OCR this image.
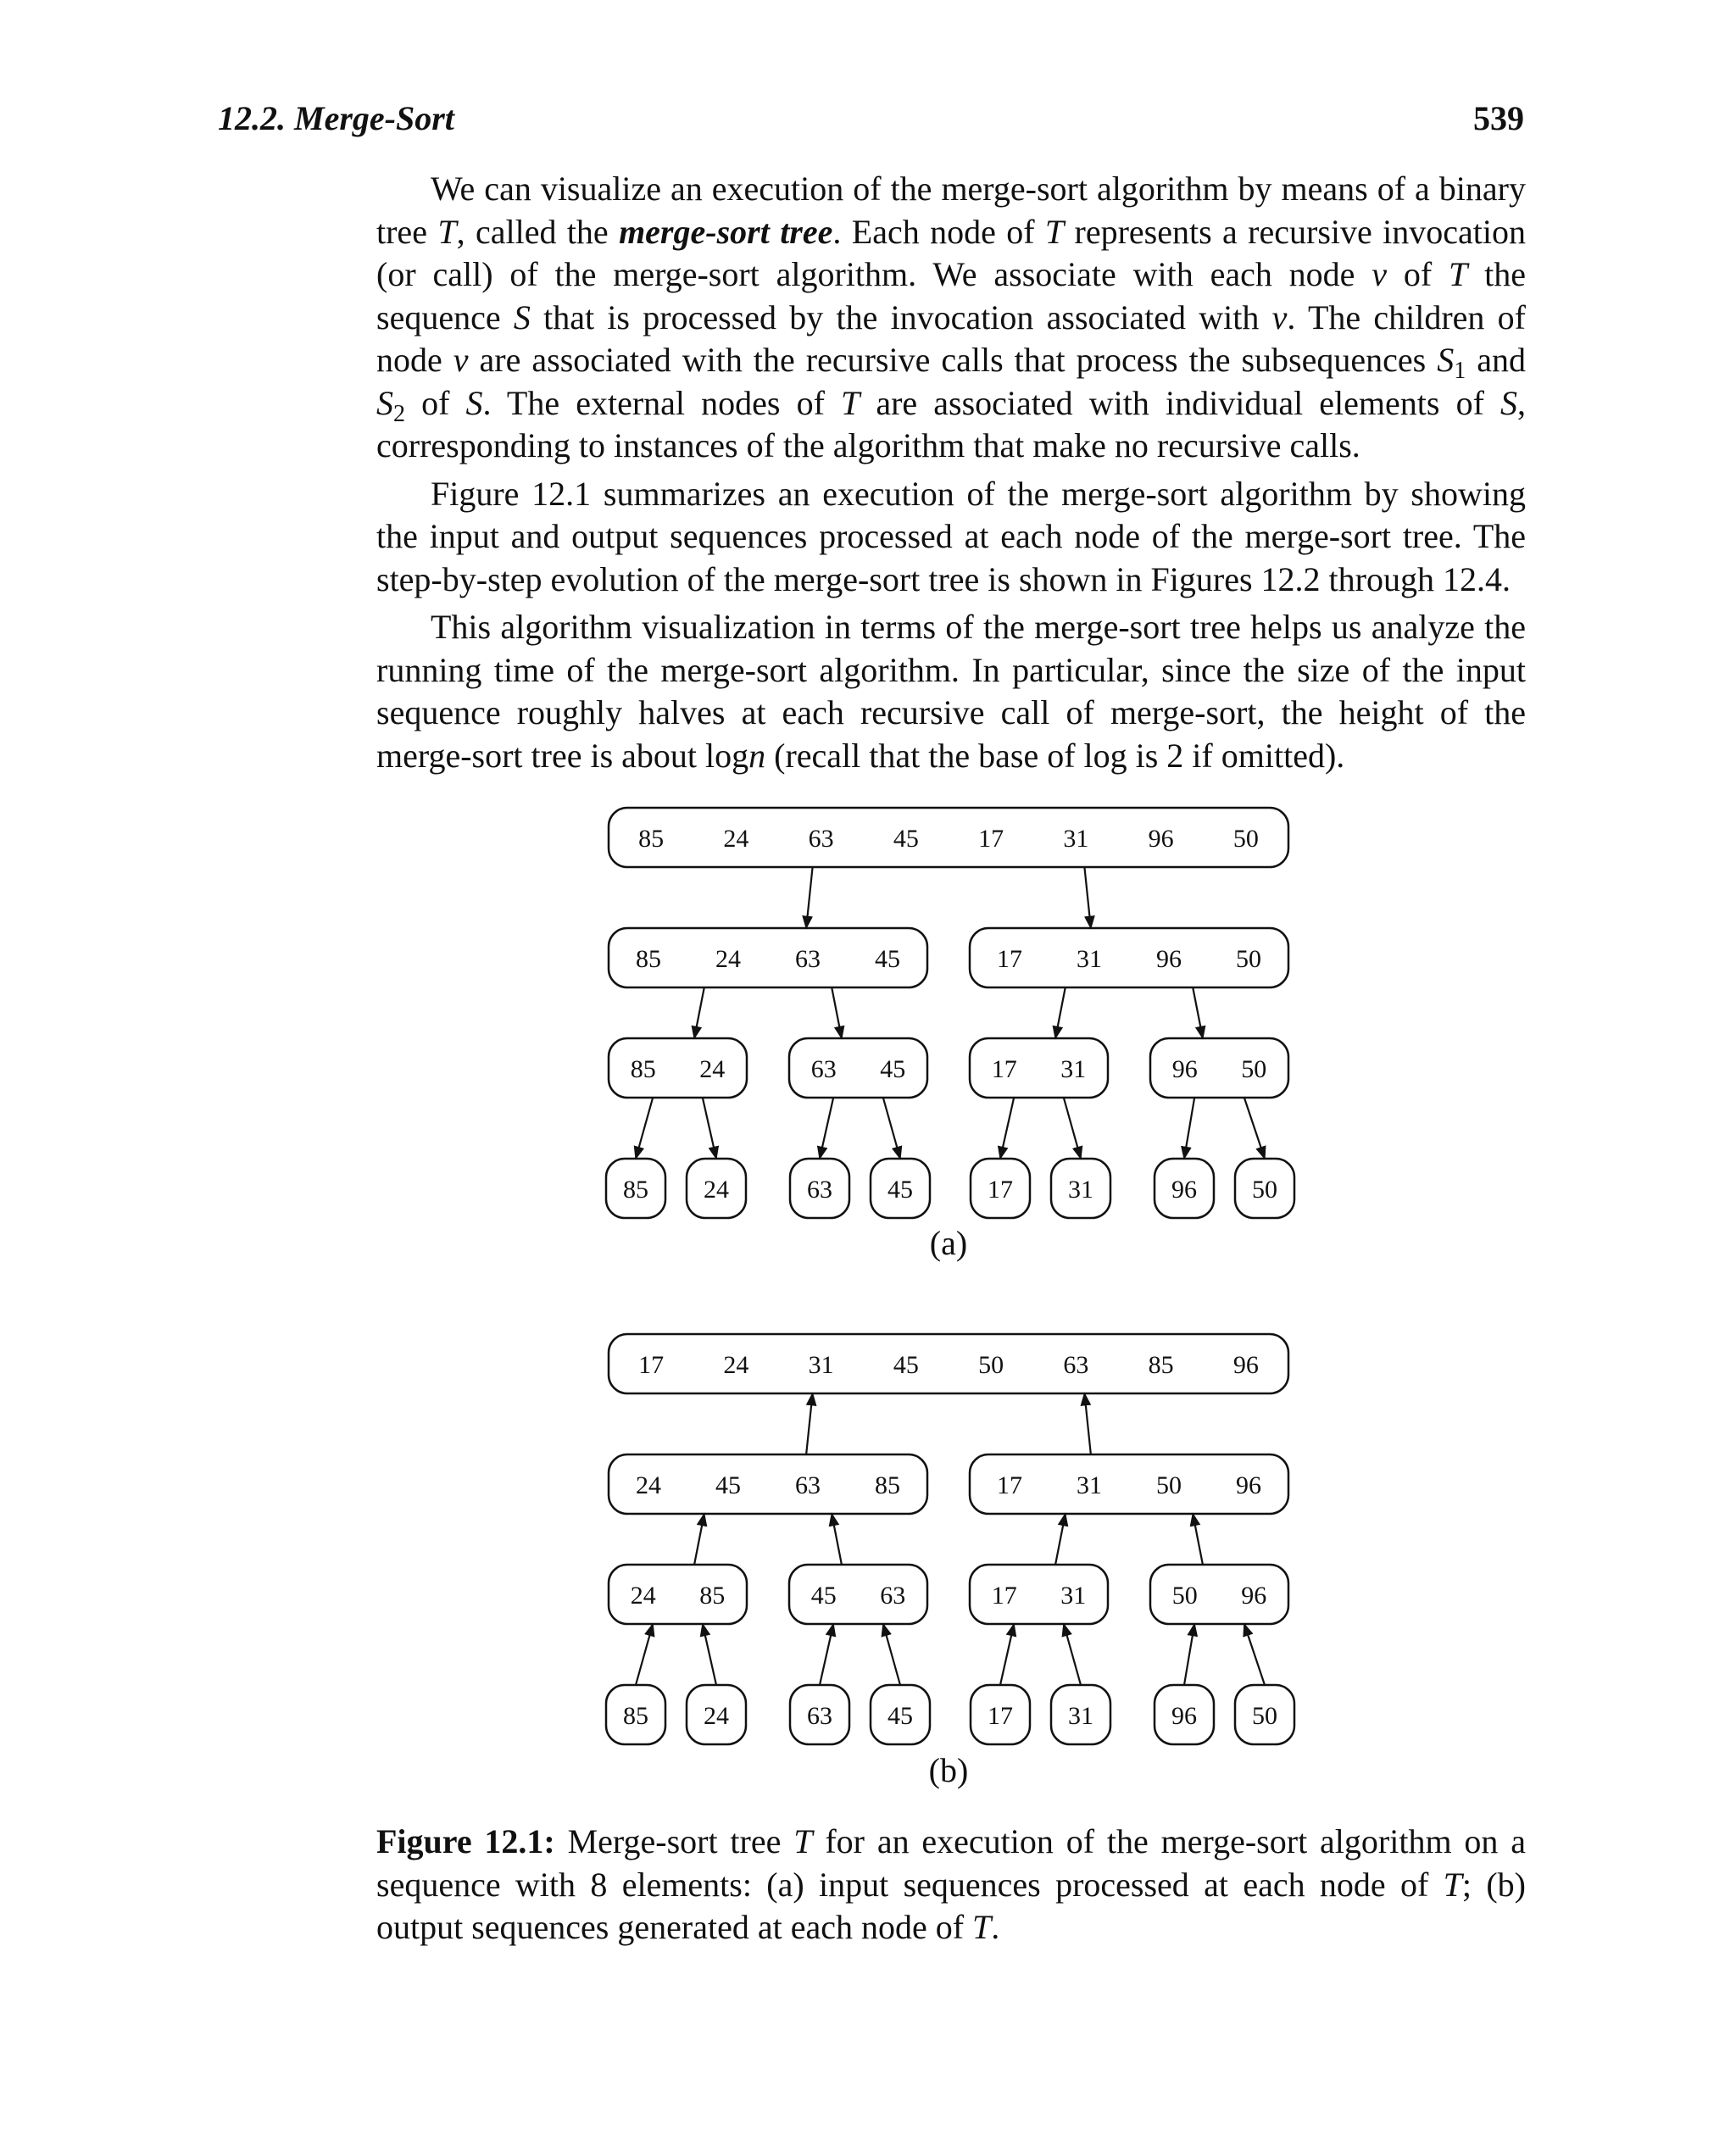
12.2. Merge-Sort	539

We can visualize an execution of the merge-sort algorithm by means of a binary tree T, called the merge-sort tree. Each node of T represents a recursive invocation (or call) of the merge-sort algorithm. We associate with each node v of T the sequence S that is processed by the invocation associated with v. The children of node v are associated with the recursive calls that process the subsequences $S_1$ and $S_2$ of S. The external nodes of T are associated with individual elements of S, corresponding to instances of the algorithm that make no recursive calls.

Figure 12.1 summarizes an execution of the merge-sort algorithm by showing the input and output sequences processed at each node of the merge-sort tree. The step-by-step evolution of the merge-sort tree is shown in Figures 12.2 through 12.4.

This algorithm visualization in terms of the merge-sort tree helps us analyze the running time of the merge-sort algorithm. In particular, since the size of the input sequence roughly halves at each recursive call of merge-sort, the height of the merge-sort tree is about logn (recall that the base of log is 2 if omitted).

85 24 63 45 17 31 96 50
85 24 63 45	17 31 96 50
85 24	63 45	17 31	96 50
85 24	63 45	17 31	96 50
(a)
17 24 31 45 50 63 85 96
24 45 63 85	17 31 50 96
24 85	45 63	17 31	50 96
85 24	63 45	17 31	96 50
(b)
Figure 12.1: Merge-sort tree T for an execution of the merge-sort algorithm on a sequence with 8 elements: (a) input sequences processed at each node of T; (b) output sequences generated at each node of T.
